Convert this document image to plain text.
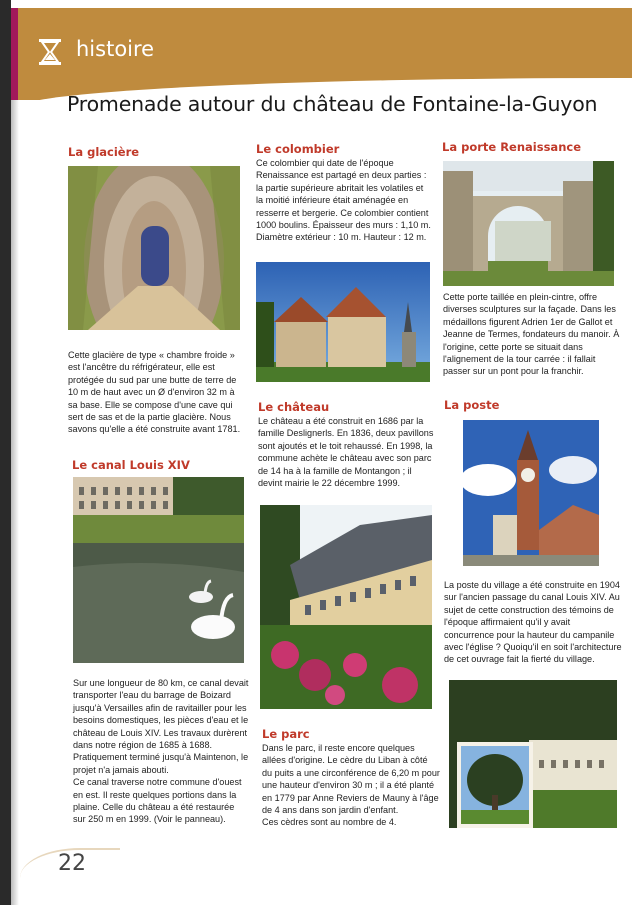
histoire
Promenade autour du château de Fontaine-la-Guyon
La glacière

Cette glacière de type « chambre froide » est l'ancêtre du réfrigérateur, elle est protégée du sud par une butte de terre de 10 m de haut avec un Ø d'environ 32 m à sa base. Elle se compose d'une cave qui sert de sas et de la partie glacière. Nous savons qu'elle a été construite avant 1781.

Le canal Louis XIV

Sur une longueur de 80 km, ce canal devait transporter l'eau du barrage de Boizard jusqu'à Versailles afin de ravitailler pour les besoins domestiques, les pièces d'eau et le château de Louis XIV. Les travaux durèrent dans notre région de 1685 à 1688. Pratiquement terminé jusqu'à Maintenon, le projet n'a jamais abouti.

Ce canal traverse notre commune d'ouest en est. Il reste quelques portions dans la plaine. Celle du château a été restaurée sur 250 m en 1999. (Voir le panneau).

Le colombier

Ce colombier qui date de l'époque Renaissance est partagé en deux parties : la partie supérieure abritait les volatiles et la moitié inférieure était aménagée en resserre et bergerie. Ce colombier contient 1000 boulins. Épaisseur des murs : 1,10 m. Diamètre extérieur : 10 m. Hauteur : 12 m.

Le château

Le château a été construit en 1686 par la famille Deslignerls. En 1836, deux pavillons sont ajoutés et le toit rehaussé. En 1998, la commune achète le château avec son parc de 14 ha à la famille de Montangon ; il devint mairie le 22 décembre 1999.

Le parc

Dans le parc, il reste encore quelques allées d'origine. Le cèdre du Liban à côté du puits a une circonférence de 6,20 m pour une hauteur d'environ 30 m ; il a été planté en 1779 par Anne Reviers de Mauny à l'âge de 4 ans dans son jardin d'enfant.

Ces cèdres sont au nombre de 4.

La porte Renaissance

Cette porte taillée en plein-cintre, offre diverses sculptures sur la façade. Dans les médaillons figurent Adrien 1er de Gallot et Jeanne de Termes, fondateurs du manoir. À l'origine, cette porte se situait dans l'alignement de la tour carrée : il fallait passer sur un pont pour la franchir.

La poste

La poste du village a été construite en 1904 sur l'ancien passage du canal Louis XIV. Au sujet de cette construction des témoins de l'époque affirmaient qu'il y avait concurrence pour la hauteur du campanile avec l'église ? Quoiqu'il en soit l'architecture de cet ouvrage fait la fierté du village.

22
